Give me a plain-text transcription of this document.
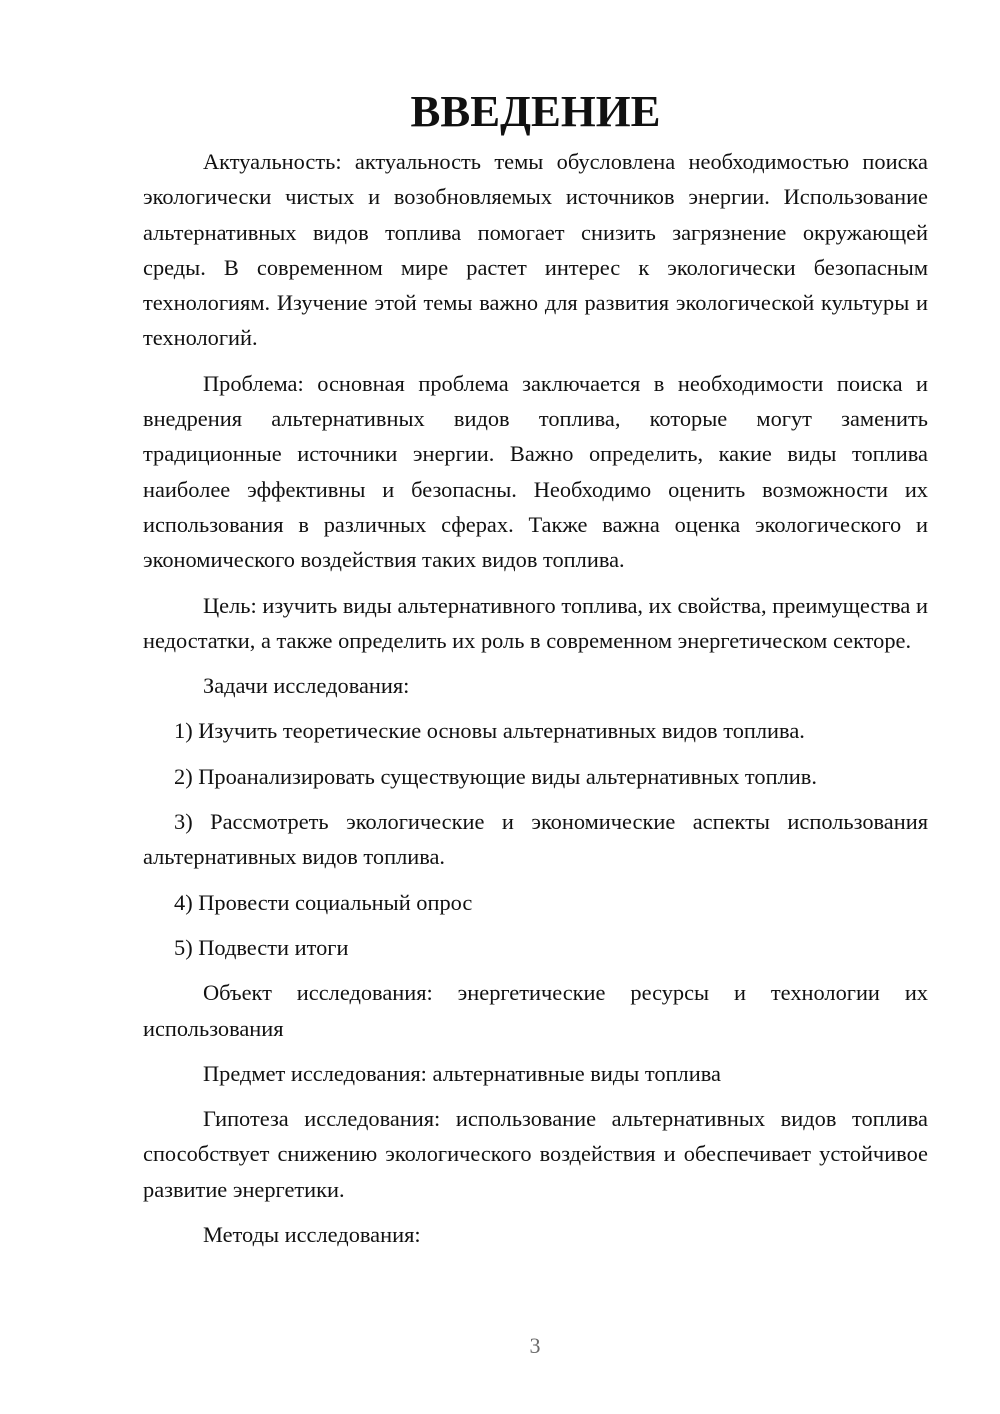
ВВЕДЕНИЕ

Актуальность: актуальность темы обусловлена необходимостью поиска экологически чистых и возобновляемых источников энергии. Использование альтернативных видов топлива помогает снизить загрязнение окружающей среды. В современном мире растет интерес к экологически безопасным технологиям. Изучение этой темы важно для развития экологической культуры и технологий.

Проблема: основная проблема заключается в необходимости поиска и внедрения альтернативных видов топлива, которые могут заменить традиционные источники энергии. Важно определить, какие виды топлива наиболее эффективны и безопасны. Необходимо оценить возможности их использования в различных сферах. Также важна оценка экологического и экономического воздействия таких видов топлива.

Цель: изучить виды альтернативного топлива, их свойства, преимущества и недостатки, а также определить их роль в современном энергетическом секторе.

Задачи исследования:

1) Изучить теоретические основы альтернативных видов топлива.

2) Проанализировать существующие виды альтернативных топлив.

3) Рассмотреть экологические и экономические аспекты использования альтернативных видов топлива.

4) Провести социальный опрос

5) Подвести итоги

Объект исследования: энергетические ресурсы и технологии их использования

Предмет исследования: альтернативные виды топлива

Гипотеза исследования: использование альтернативных видов топлива способствует снижению экологического воздействия и обеспечивает устойчивое развитие энергетики.

Методы исследования:

3
